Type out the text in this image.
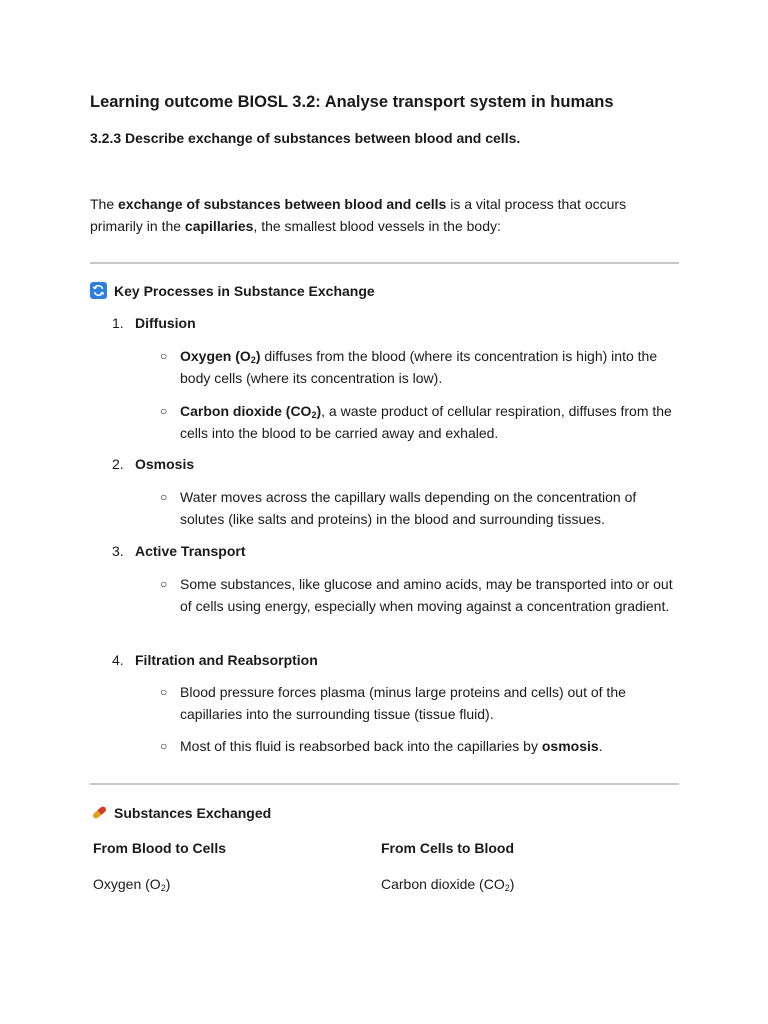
Learning outcome BIOSL 3.2: Analyse transport system in humans
3.2.3 Describe exchange of substances between blood and cells.
The exchange of substances between blood and cells is a vital process that occurs primarily in the capillaries, the smallest blood vessels in the body:
Key Processes in Substance Exchange
1. Diffusion
○ Oxygen $(O_2)$ diffuses from the blood (where its concentration is high) into the body cells (where its concentration is low).
○ Carbon dioxide $(CO_2)$, a waste product of cellular respiration, diffuses from the cells into the blood to be carried away and exhaled.
2. Osmosis
○ Water moves across the capillary walls depending on the concentration of solutes (like salts and proteins) in the blood and surrounding tissues.
3. Active Transport
○ Some substances, like glucose and amino acids, may be transported into or out of cells using energy, especially when moving against a concentration gradient.
4. Filtration and Reabsorption
○ Blood pressure forces plasma (minus large proteins and cells) out of the capillaries into the surrounding tissue (tissue fluid).
○ Most of this fluid is reabsorbed back into the capillaries by osmosis.
Substances Exchanged
From Blood to Cells	From Cells to Blood
Oxygen $(O_2)$	Carbon dioxide $(CO_2)$
